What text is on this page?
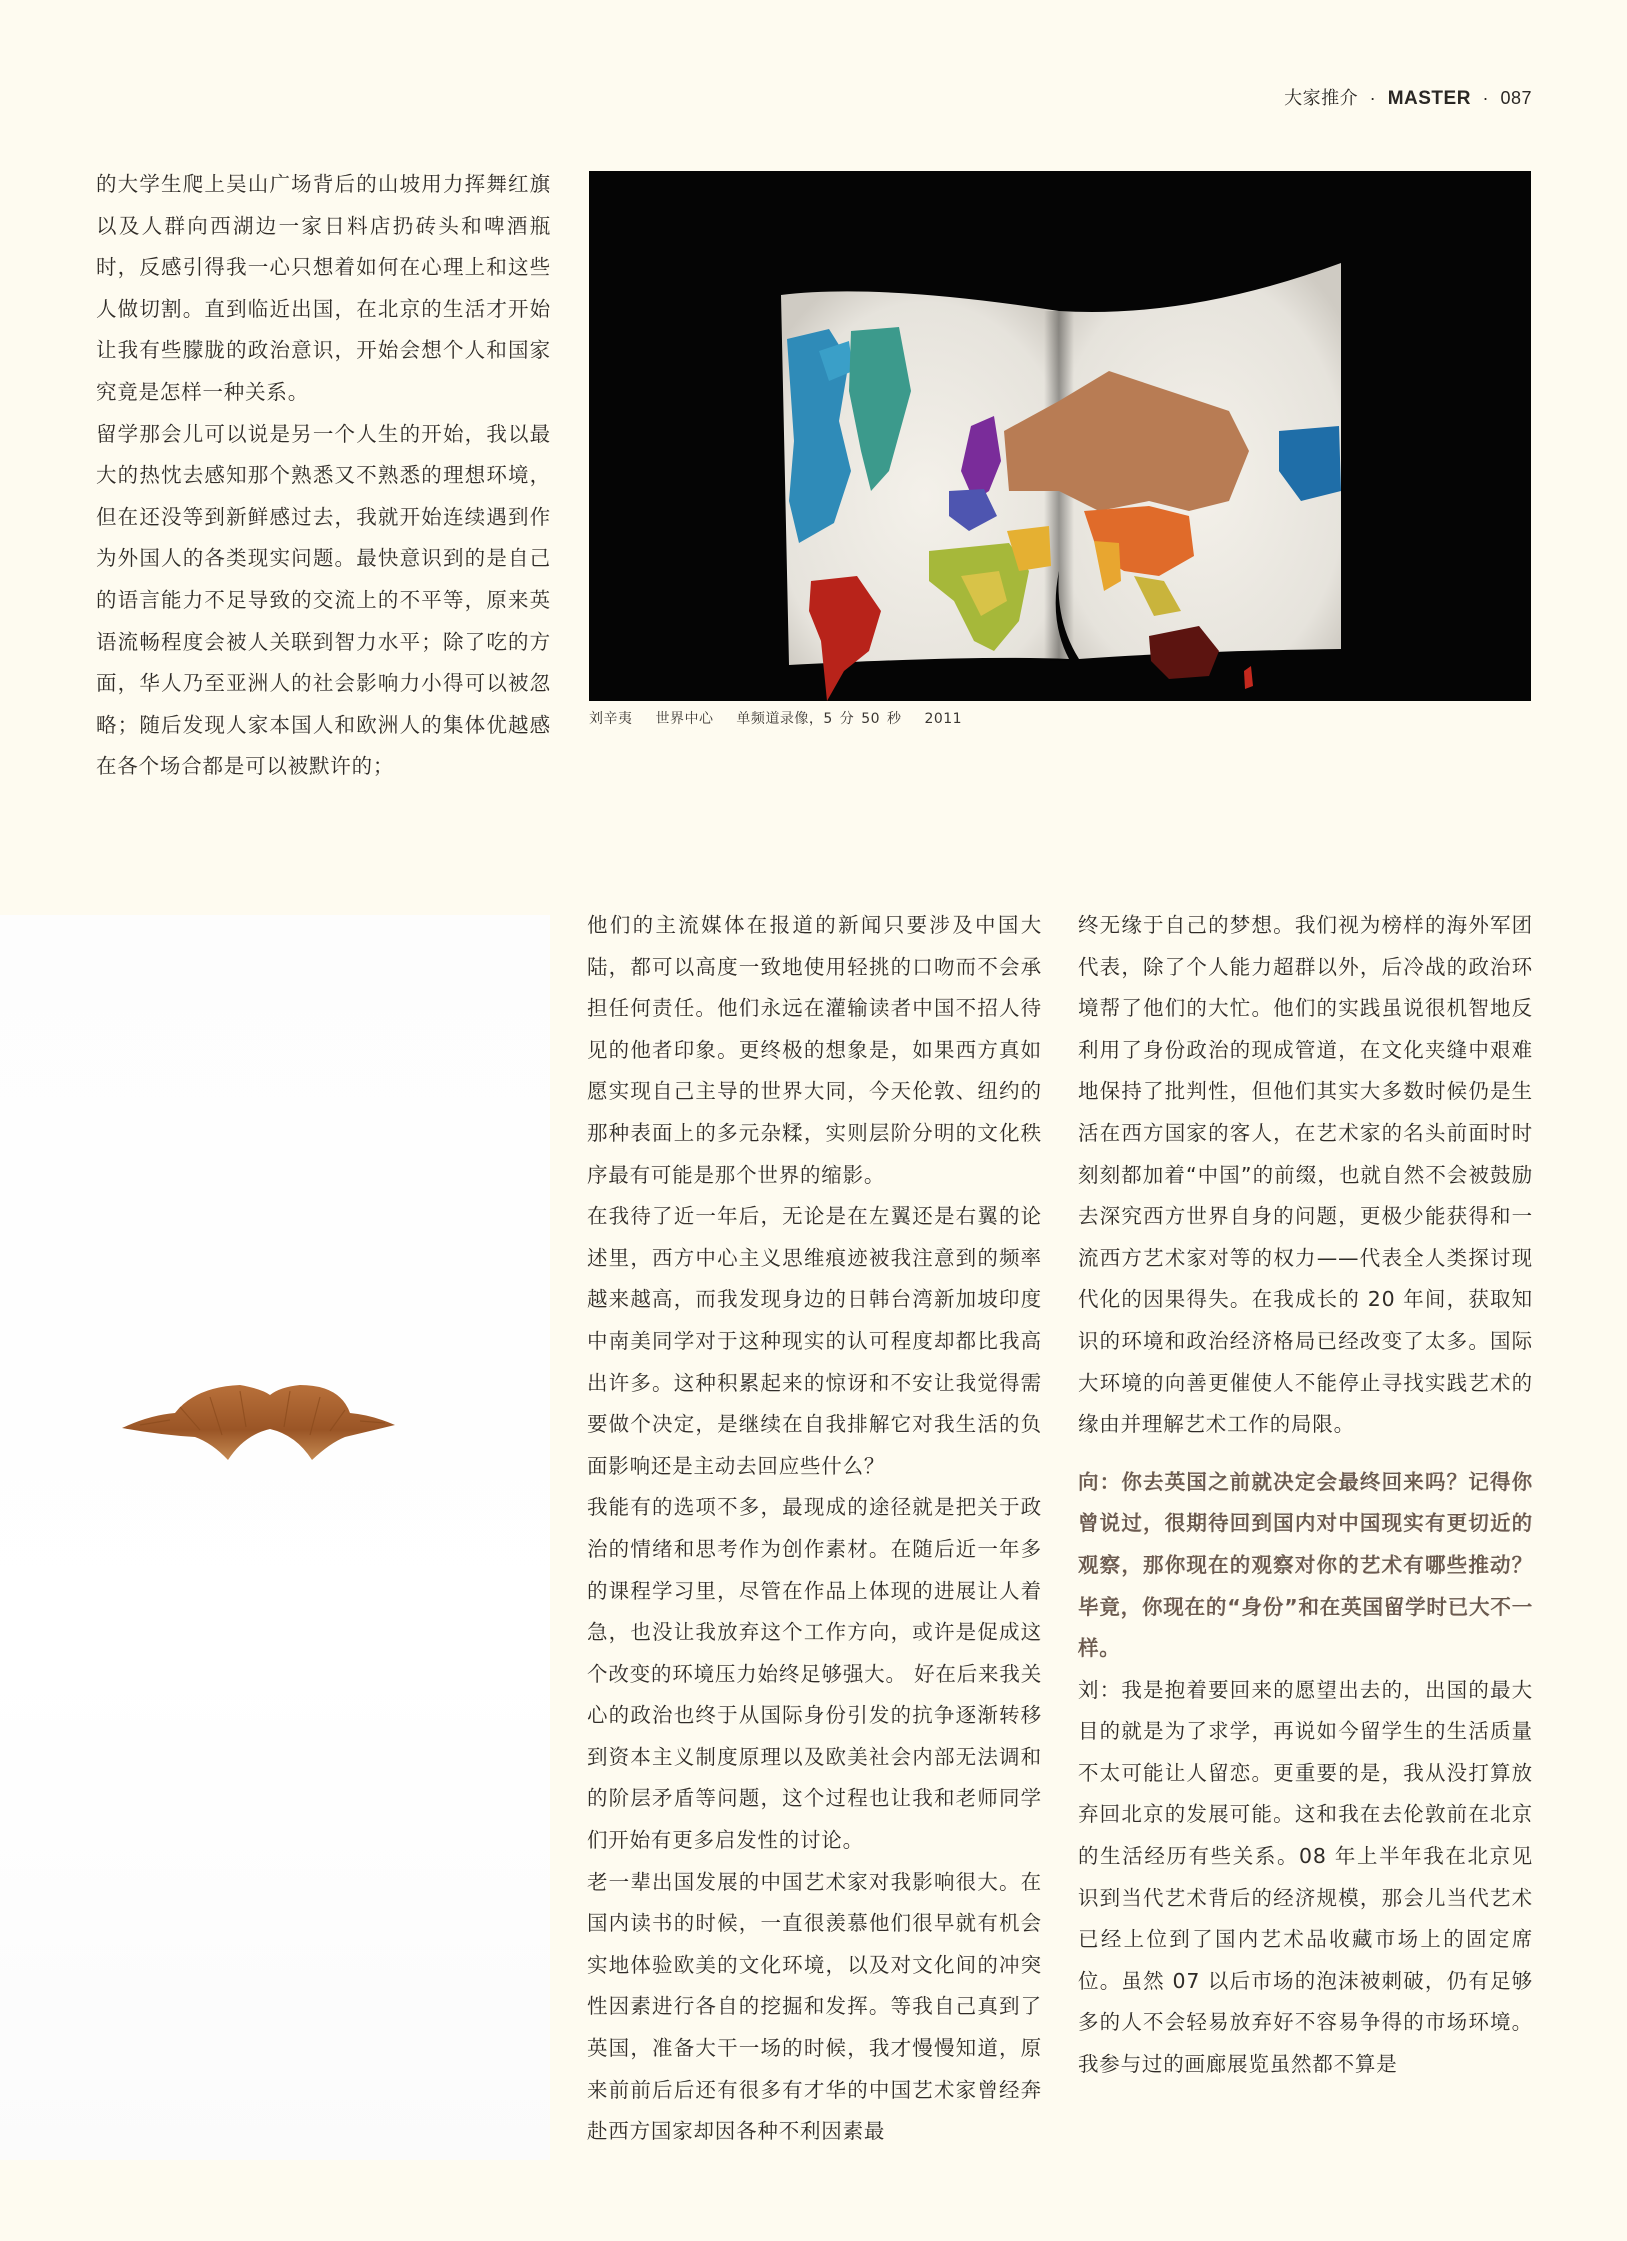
大家推介 · MASTER · 087

的大学生爬上吴山广场背后的山坡用力挥舞红旗以及人群向西湖边一家日料店扔砖头和啤酒瓶时，反感引得我一心只想着如何在心理上和这些人做切割。直到临近出国，在北京的生活才开始让我有些朦胧的政治意识，开始会想个人和国家究竟是怎样一种关系。

留学那会儿可以说是另一个人生的开始，我以最大的热忱去感知那个熟悉又不熟悉的理想环境，但在还没等到新鲜感过去，我就开始连续遇到作为外国人的各类现实问题。最快意识到的是自己的语言能力不足导致的交流上的不平等，原来英语流畅程度会被人关联到智力水平；除了吃的方面，华人乃至亚洲人的社会影响力小得可以被忽略；随后发现人家本国人和欧洲人的集体优越感在各个场合都是可以被默许的；

刘辛夷 世界中心 单频道录像，5 分 50 秒 2011

他们的主流媒体在报道的新闻只要涉及中国大陆，都可以高度一致地使用轻挑的口吻而不会承担任何责任。他们永远在灌输读者中国不招人待见的他者印象。更终极的想象是，如果西方真如愿实现自己主导的世界大同，今天伦敦、纽约的那种表面上的多元杂糅，实则层阶分明的文化秩序最有可能是那个世界的缩影。

在我待了近一年后，无论是在左翼还是右翼的论述里，西方中心主义思维痕迹被我注意到的频率越来越高，而我发现身边的日韩台湾新加坡印度中南美同学对于这种现实的认可程度却都比我高出许多。这种积累起来的惊讶和不安让我觉得需要做个决定，是继续在自我排解它对我生活的负面影响还是主动去回应些什么？

我能有的选项不多，最现成的途径就是把关于政治的情绪和思考作为创作素材。在随后近一年多的课程学习里，尽管在作品上体现的进展让人着急，也没让我放弃这个工作方向，或许是促成这个改变的环境压力始终足够强大。 好在后来我关心的政治也终于从国际身份引发的抗争逐渐转移到资本主义制度原理以及欧美社会内部无法调和的阶层矛盾等问题，这个过程也让我和老师同学们开始有更多启发性的讨论。

老一辈出国发展的中国艺术家对我影响很大。在国内读书的时候，一直很羡慕他们很早就有机会实地体验欧美的文化环境，以及对文化间的冲突性因素进行各自的挖掘和发挥。等我自己真到了英国，准备大干一场的时候，我才慢慢知道，原来前前后后还有很多有才华的中国艺术家曾经奔赴西方国家却因各种不利因素最

终无缘于自己的梦想。我们视为榜样的海外军团代表，除了个人能力超群以外，后冷战的政治环境帮了他们的大忙。他们的实践虽说很机智地反利用了身份政治的现成管道，在文化夹缝中艰难地保持了批判性，但他们其实大多数时候仍是生活在西方国家的客人，在艺术家的名头前面时时刻刻都加着“中国”的前缀，也就自然不会被鼓励去深究西方世界自身的问题，更极少能获得和一流西方艺术家对等的权力——代表全人类探讨现代化的因果得失。在我成长的 20 年间，获取知识的环境和政治经济格局已经改变了太多。国际大环境的向善更催使人不能停止寻找实践艺术的缘由并理解艺术工作的局限。

向：你去英国之前就决定会最终回来吗？记得你曾说过，很期待回到国内对中国现实有更切近的观察，那你现在的观察对你的艺术有哪些推动？毕竟，你现在的“身份”和在英国留学时已大不一样。

刘：我是抱着要回来的愿望出去的，出国的最大目的就是为了求学，再说如今留学生的生活质量不太可能让人留恋。更重要的是，我从没打算放弃回北京的发展可能。这和我在去伦敦前在北京的生活经历有些关系。08 年上半年我在北京见识到当代艺术背后的经济规模，那会儿当代艺术已经上位到了国内艺术品收藏市场上的固定席位。虽然 07 以后市场的泡沫被刺破，仍有足够多的人不会轻易放弃好不容易争得的市场环境。我参与过的画廊展览虽然都不算是
